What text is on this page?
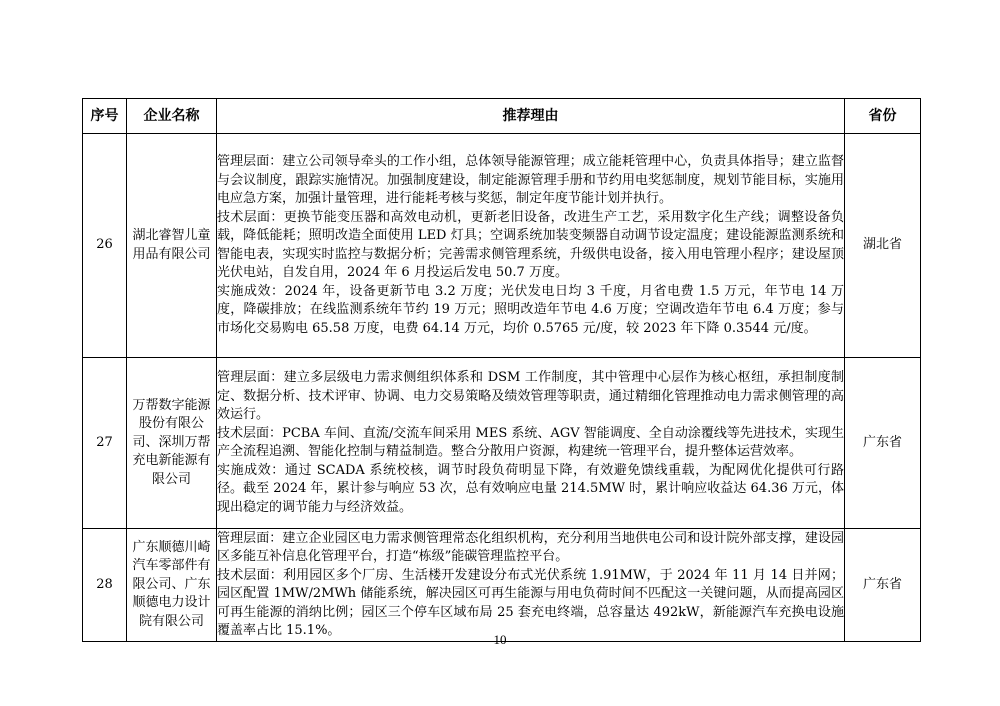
序号	企业名称	推荐理由	省份
26	湖北睿智儿童用品有限公司	管理层面：建立公司领导牵头的工作小组，总体领导能源管理；成立能耗管理中心，负责具体指导；建立监督与会议制度，跟踪实施情况。加强制度建设，制定能源管理手册和节约用电奖惩制度，规划节能目标，实施用电应急方案，加强计量管理，进行能耗考核与奖惩，制定年度节能计划并执行。

技术层面：更换节能变压器和高效电动机，更新老旧设备，改进生产工艺，采用数字化生产线；调整设备负载，降低能耗；照明改造全面使用 LED 灯具；空调系统加装变频器自动调节设定温度；建设能源监测系统和智能电表，实现实时监控与数据分析；完善需求侧管理系统，升级供电设备，接入用电管理小程序；建设屋顶光伏电站，自发自用，2024 年 6 月投运后发电 50.7 万度。

实施成效：2024 年，设备更新节电 3.2 万度；光伏发电日均 3 千度，月省电费 1.5 万元，年节电 14 万度，降碳排放；在线监测系统年节约 19 万元；照明改造年节电 4.6 万度；空调改造年节电 6.4 万度；参与市场化交易购电 65.58 万度，电费 64.14 万元，均价 0.5765 元/度，较 2023 年下降 0.3544 元/度。	湖北省
27	万帮数字能源股份有限公司、深圳万帮充电新能源有限公司	管理层面：建立多层级电力需求侧组织体系和 DSM 工作制度，其中管理中心层作为核心枢纽，承担制度制定、数据分析、技术评审、协调、电力交易策略及绩效管理等职责，通过精细化管理推动电力需求侧管理的高效运行。

技术层面：PCBA 车间、直流/交流车间采用 MES 系统、AGV 智能调度、全自动涂覆线等先进技术，实现生产全流程追溯、智能化控制与精益制造。整合分散用户资源，构建统一管理平台，提升整体运营效率。

实施成效：通过 SCADA 系统校核，调节时段负荷明显下降，有效避免馈线重载，为配网优化提供可行路径。截至 2024 年，累计参与响应 53 次，总有效响应电量 214.5MW 时，累计响应收益达 64.36 万元，体现出稳定的调节能力与经济效益。	广东省
28	广东顺德川崎汽车零部件有限公司、广东顺德电力设计院有限公司	管理层面：建立企业园区电力需求侧管理常态化组织机构，充分利用当地供电公司和设计院外部支撑，建设园区多能互补信息化管理平台，打造“栋级”能碳管理监控平台。

技术层面：利用园区多个厂房、生活楼开发建设分布式光伏系统 1.91MW，于 2024 年 11 月 14 日并网；园区配置 1MW/2MWh 储能系统，解决园区可再生能源与用电负荷时间不匹配这一关键问题，从而提高园区可再生能源的消纳比例；园区三个停车区域布局 25 套充电终端，总容量达 492kW，新能源汽车充换电设施覆盖率占比 15.1%。	广东省
10
